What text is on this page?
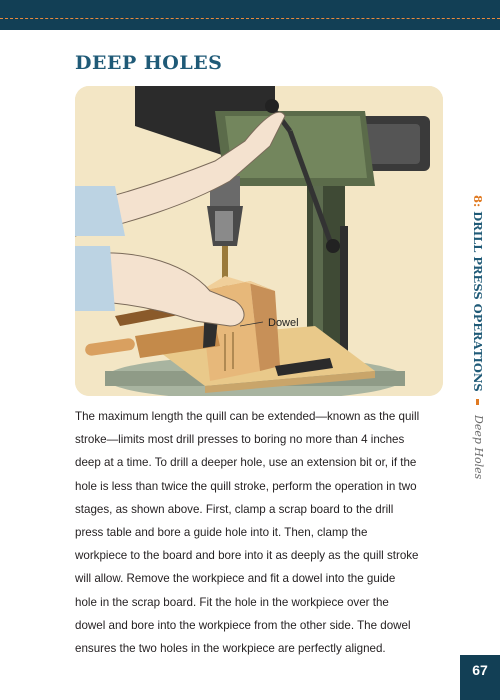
DEEP HOLES
Dowel

The maximum length the quill can be extended—known as the quill stroke—limits most drill presses to boring no more than 4 inches deep at a time. To drill a deeper hole, use an extension bit or, if the hole is less than twice the quill stroke, perform the operation in two stages, as shown above. First, clamp a scrap board to the drill press table and bore a guide hole into it. Then, clamp the workpiece to the board and bore into it as deeply as the quill stroke will allow. Remove the workpiece and fit a dowel into the guide hole in the scrap board. Fit the hole in the workpiece over the dowel and bore into the workpiece from the other side. The dowel ensures the two holes in the workpiece are perfectly aligned.

8: DRILL PRESS OPERATIONS
Deep Holes
67
